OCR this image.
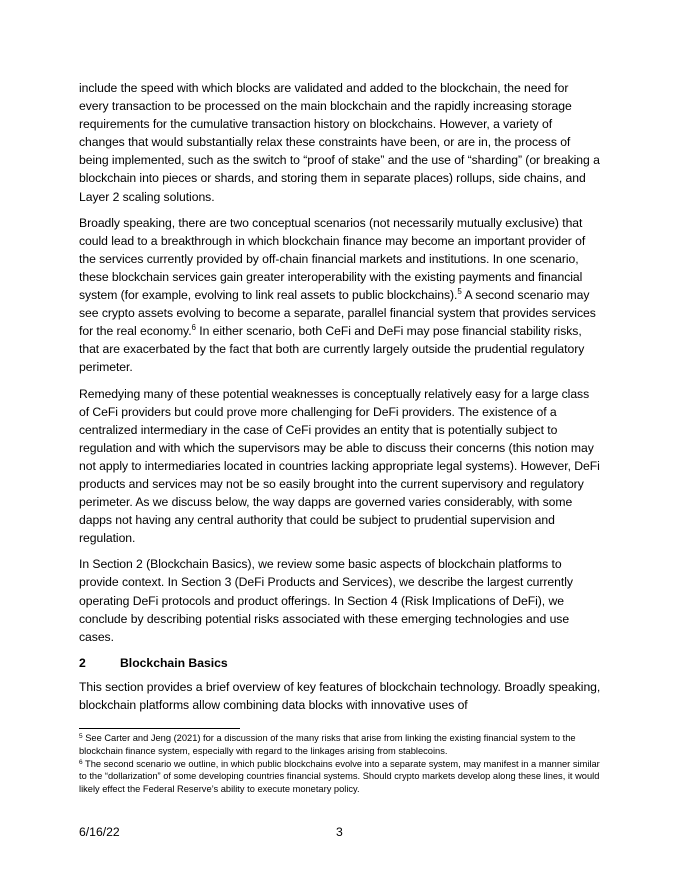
include the speed with which blocks are validated and added to the blockchain, the need for every transaction to be processed on the main blockchain and the rapidly increasing storage requirements for the cumulative transaction history on blockchains. However, a variety of changes that would substantially relax these constraints have been, or are in, the process of being implemented, such as the switch to “proof of stake” and the use of “sharding” (or breaking a blockchain into pieces or shards, and storing them in separate places) rollups, side chains, and Layer 2 scaling solutions.

Broadly speaking, there are two conceptual scenarios (not necessarily mutually exclusive) that could lead to a breakthrough in which blockchain finance may become an important provider of the services currently provided by off-chain financial markets and institutions. In one scenario, these blockchain services gain greater interoperability with the existing payments and financial system (for example, evolving to link real assets to public blockchains).$^5$ A second scenario may see crypto assets evolving to become a separate, parallel financial system that provides services for the real economy.$^6$ In either scenario, both CeFi and DeFi may pose financial stability risks, that are exacerbated by the fact that both are currently largely outside the prudential regulatory perimeter.

Remedying many of these potential weaknesses is conceptually relatively easy for a large class of CeFi providers but could prove more challenging for DeFi providers. The existence of a centralized intermediary in the case of CeFi provides an entity that is potentially subject to regulation and with which the supervisors may be able to discuss their concerns (this notion may not apply to intermediaries located in countries lacking appropriate legal systems). However, DeFi products and services may not be so easily brought into the current supervisory and regulatory perimeter. As we discuss below, the way dapps are governed varies considerably, with some dapps not having any central authority that could be subject to prudential supervision and regulation.

In Section 2 (Blockchain Basics), we review some basic aspects of blockchain platforms to provide context. In Section 3 (DeFi Products and Services), we describe the largest currently operating DeFi protocols and product offerings. In Section 4 (Risk Implications of DeFi), we conclude by describing potential risks associated with these emerging technologies and use cases.

2	Blockchain Basics

This section provides a brief overview of key features of blockchain technology. Broadly speaking, blockchain platforms allow combining data blocks with innovative uses of

$^5$ See Carter and Jeng (2021) for a discussion of the many risks that arise from linking the existing financial system to the blockchain finance system, especially with regard to the linkages arising from stablecoins.

$^6$ The second scenario we outline, in which public blockchains evolve into a separate system, may manifest in a manner similar to the “dollarization” of some developing countries financial systems. Should crypto markets develop along these lines, it would likely effect the Federal Reserve’s ability to execute monetary policy.

6/16/22	3
